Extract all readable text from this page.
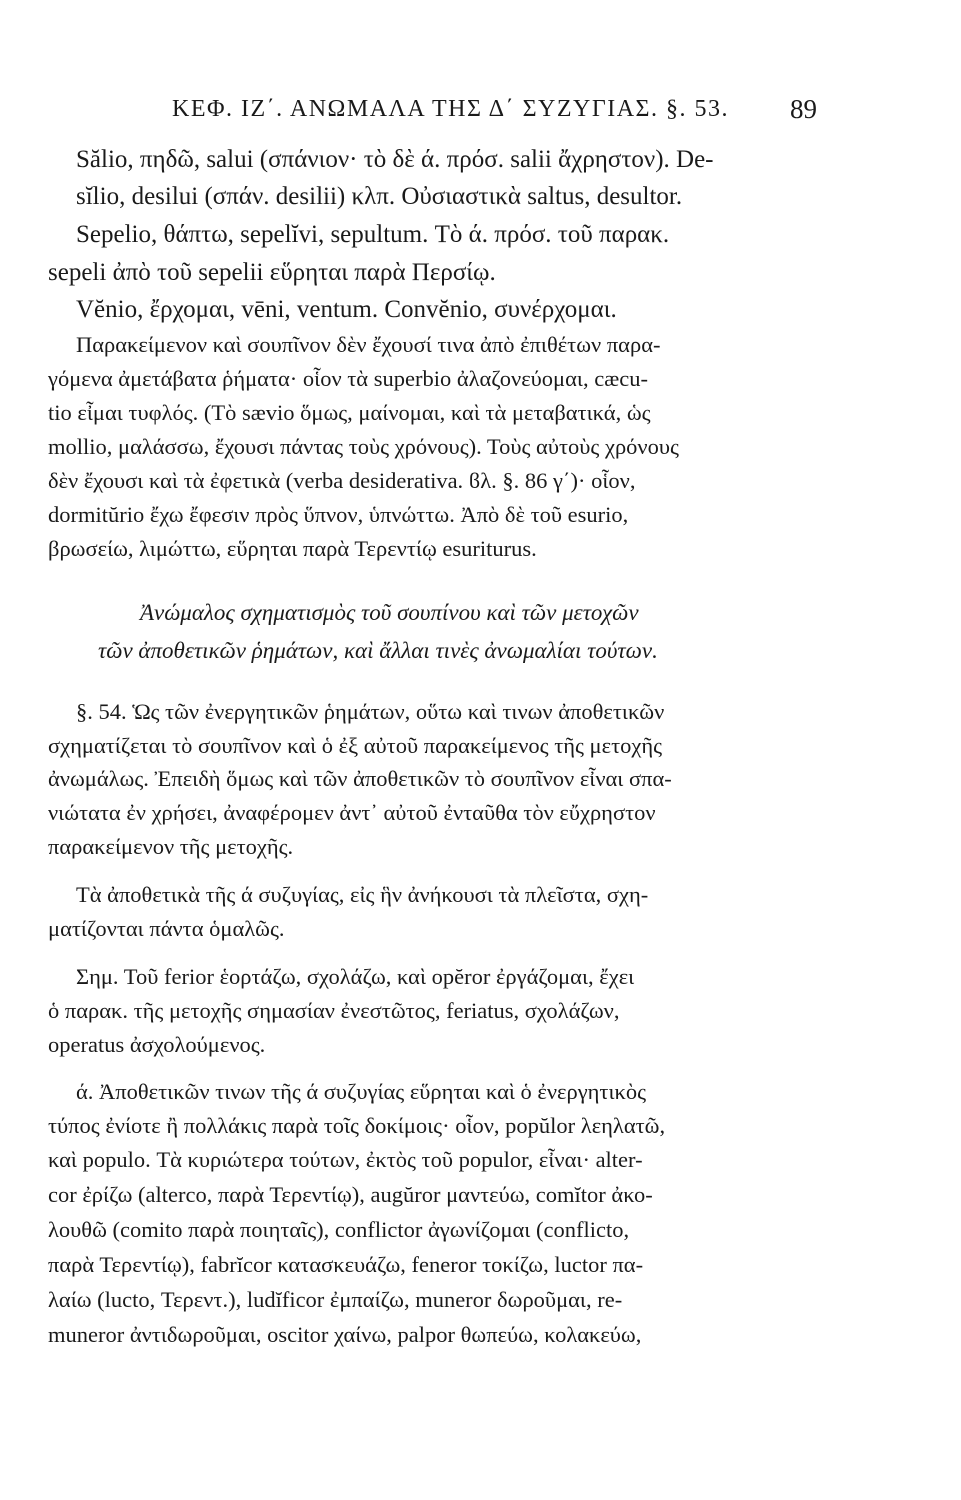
ΚΕΦ. ΙΖ΄. ΑΝΩΜΑΛΑ ΤΗΣ Δ΄ ΣΥΖΥΓΙΑΣ. §. 53.	89
Sălio, πηδῶ, salui (σπάνιον· τὸ δὲ ά. πρόσ. salii ἄχρηστον). De-
sĭlio, desilui (σπάν. desilii) κλπ. Οὐσιαστικὰ saltus, desultor.
Sepelio, θάπτω, sepelĭvi, sepultum. Τὸ ά. πρόσ. τοῦ παρακ.
sepeli ἀπὸ τοῦ sepelii εὕρηται παρὰ Περσίῳ.
Vĕnio, ἔρχομαι, vēni, ventum. Convĕnio, συνέρχομαι.
Παρακείμενον καὶ σουπῖνον δὲν ἔχουσί τινα ἀπὸ ἐπιθέτων παρα-
γόμενα ἀμετάβατα ῥήματα· οἷον τὰ superbio ἀλαζονεύομαι, cæcu-
tio εἶμαι τυφλός. (Τὸ sævio ὅμως, μαίνομαι, καὶ τὰ μεταβατικά, ὡς
mollio, μαλάσσω, ἔχουσι πάντας τοὺς χρόνους). Τοὺς αὐτοὺς χρόνους
δὲν ἔχουσι καὶ τὰ ἐφετικὰ (verba desiderativa. ϐλ. §. 86 γ΄)· οἷον,
dormitŭrio ἔχω ἔφεσιν πρὸς ὕπνον, ὑπνώττω. Ἀπὸ δὲ τοῦ esurio,
βρωσείω, λιμώττω, εὕρηται παρὰ Τερεντίῳ esuriturus.
Ἀνώμαλος σχηματισμὸς τοῦ σουπίνου καὶ τῶν μετοχῶν
τῶν ἀποθετικῶν ῥημάτων, καὶ ἄλλαι τινὲς ἀνωμαλίαι τούτων.
§. 54. Ὡς τῶν ἐνεργητικῶν ῥημάτων, οὕτω καὶ τινων ἀποθετικῶν
σχηματίζεται τὸ σουπῖνον καὶ ὁ ἐξ αὐτοῦ παρακείμενος τῆς μετοχῆς
ἀνωμάλως. Ἐπειδὴ ὅμως καὶ τῶν ἀποθετικῶν τὸ σουπῖνον εἶναι σπα-
νιώτατα ἐν χρήσει, ἀναφέρομεν ἀντ᾽ αὐτοῦ ἐνταῦθα τὸν εὔχρηστον
παρακείμενον τῆς μετοχῆς.
Τὰ ἀποθετικὰ τῆς ά συζυγίας, εἰς ἣν ἀνήκουσι τὰ πλεῖστα, σχη-
ματίζονται πάντα ὁμαλῶς.
Σημ. Τοῦ ferior ἑορτάζω, σχολάζω, καὶ opĕror ἐργάζομαι, ἔχει
ὁ παρακ. τῆς μετοχῆς σημασίαν ἐνεστῶτος, feriatus, σχολάζων,
operatus ἀσχολούμενος.
ά. Ἀποθετικῶν τινων τῆς ά συζυγίας εὕρηται καὶ ὁ ἐνεργητικὸς
τύπος ἐνίοτε ἢ πολλάκις παρὰ τοῖς δοκίμοις· οἷον, popŭlor λεηλατῶ,
καὶ populo. Τὰ κυριώτερα τούτων, ἐκτὸς τοῦ populor, εἶναι· alter-
cor ἐρίζω (alterco, παρὰ Τερεντίῳ), augŭror μαντεύω, comĭtor ἀκο-
λουθῶ (comito παρὰ ποιηταῖς), conflictor ἀγωνίζομαι (conflicto,
παρὰ Τερεντίῳ), fabrĭcor κατασκευάζω, feneror τοκίζω, luctor πα-
λαίω (lucto, Τερεντ.), ludĭficor ἐμπαίζω, muneror δωροῦμαι, re-
muneror ἀντιδωροῦμαι, oscitor χαίνω, palpor θωπεύω, κολακεύω,
